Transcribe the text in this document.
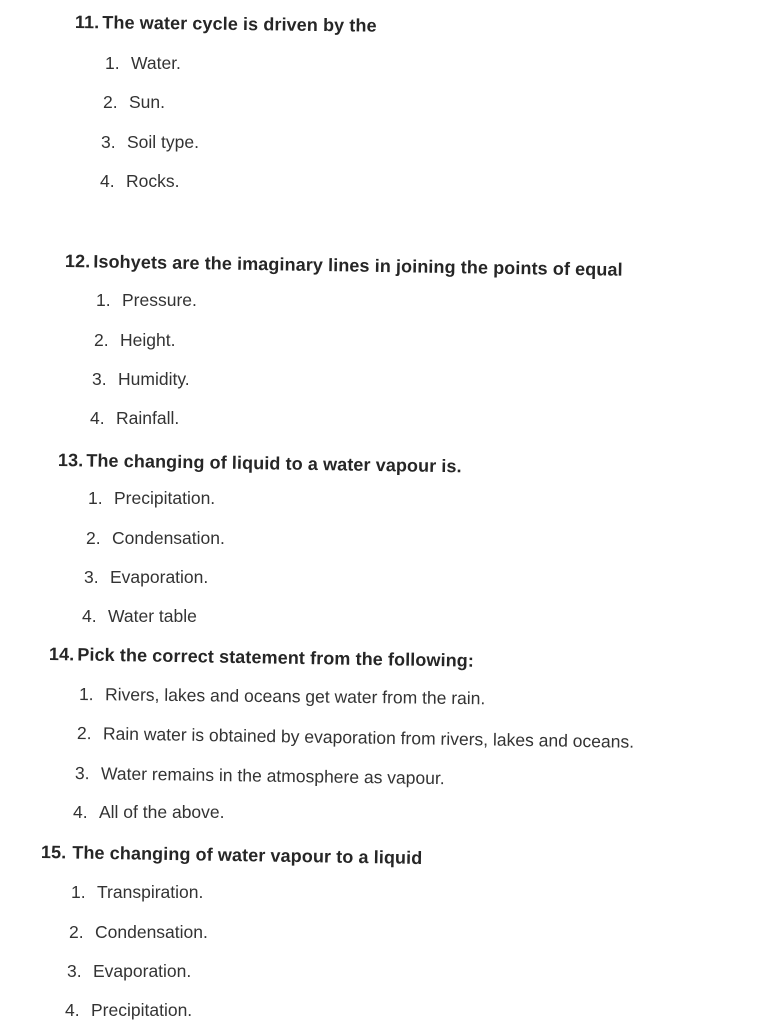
11. The water cycle is driven by the
1. Water.
2. Sun.
3. Soil type.
4. Rocks.
12. Isohyets are the imaginary lines in joining the points of equal
1. Pressure.
2. Height.
3. Humidity.
4. Rainfall.
13. The changing of liquid to a water vapour is.
1. Precipitation.
2. Condensation.
3. Evaporation.
4. Water table
14. Pick the correct statement from the following:
1. Rivers, lakes and oceans get water from the rain.
2. Rain water is obtained by evaporation from rivers, lakes and oceans.
3. Water remains in the atmosphere as vapour.
4. All of the above.
15. The changing of water vapour to a liquid
1. Transpiration.
2. Condensation.
3. Evaporation.
4. Precipitation.
